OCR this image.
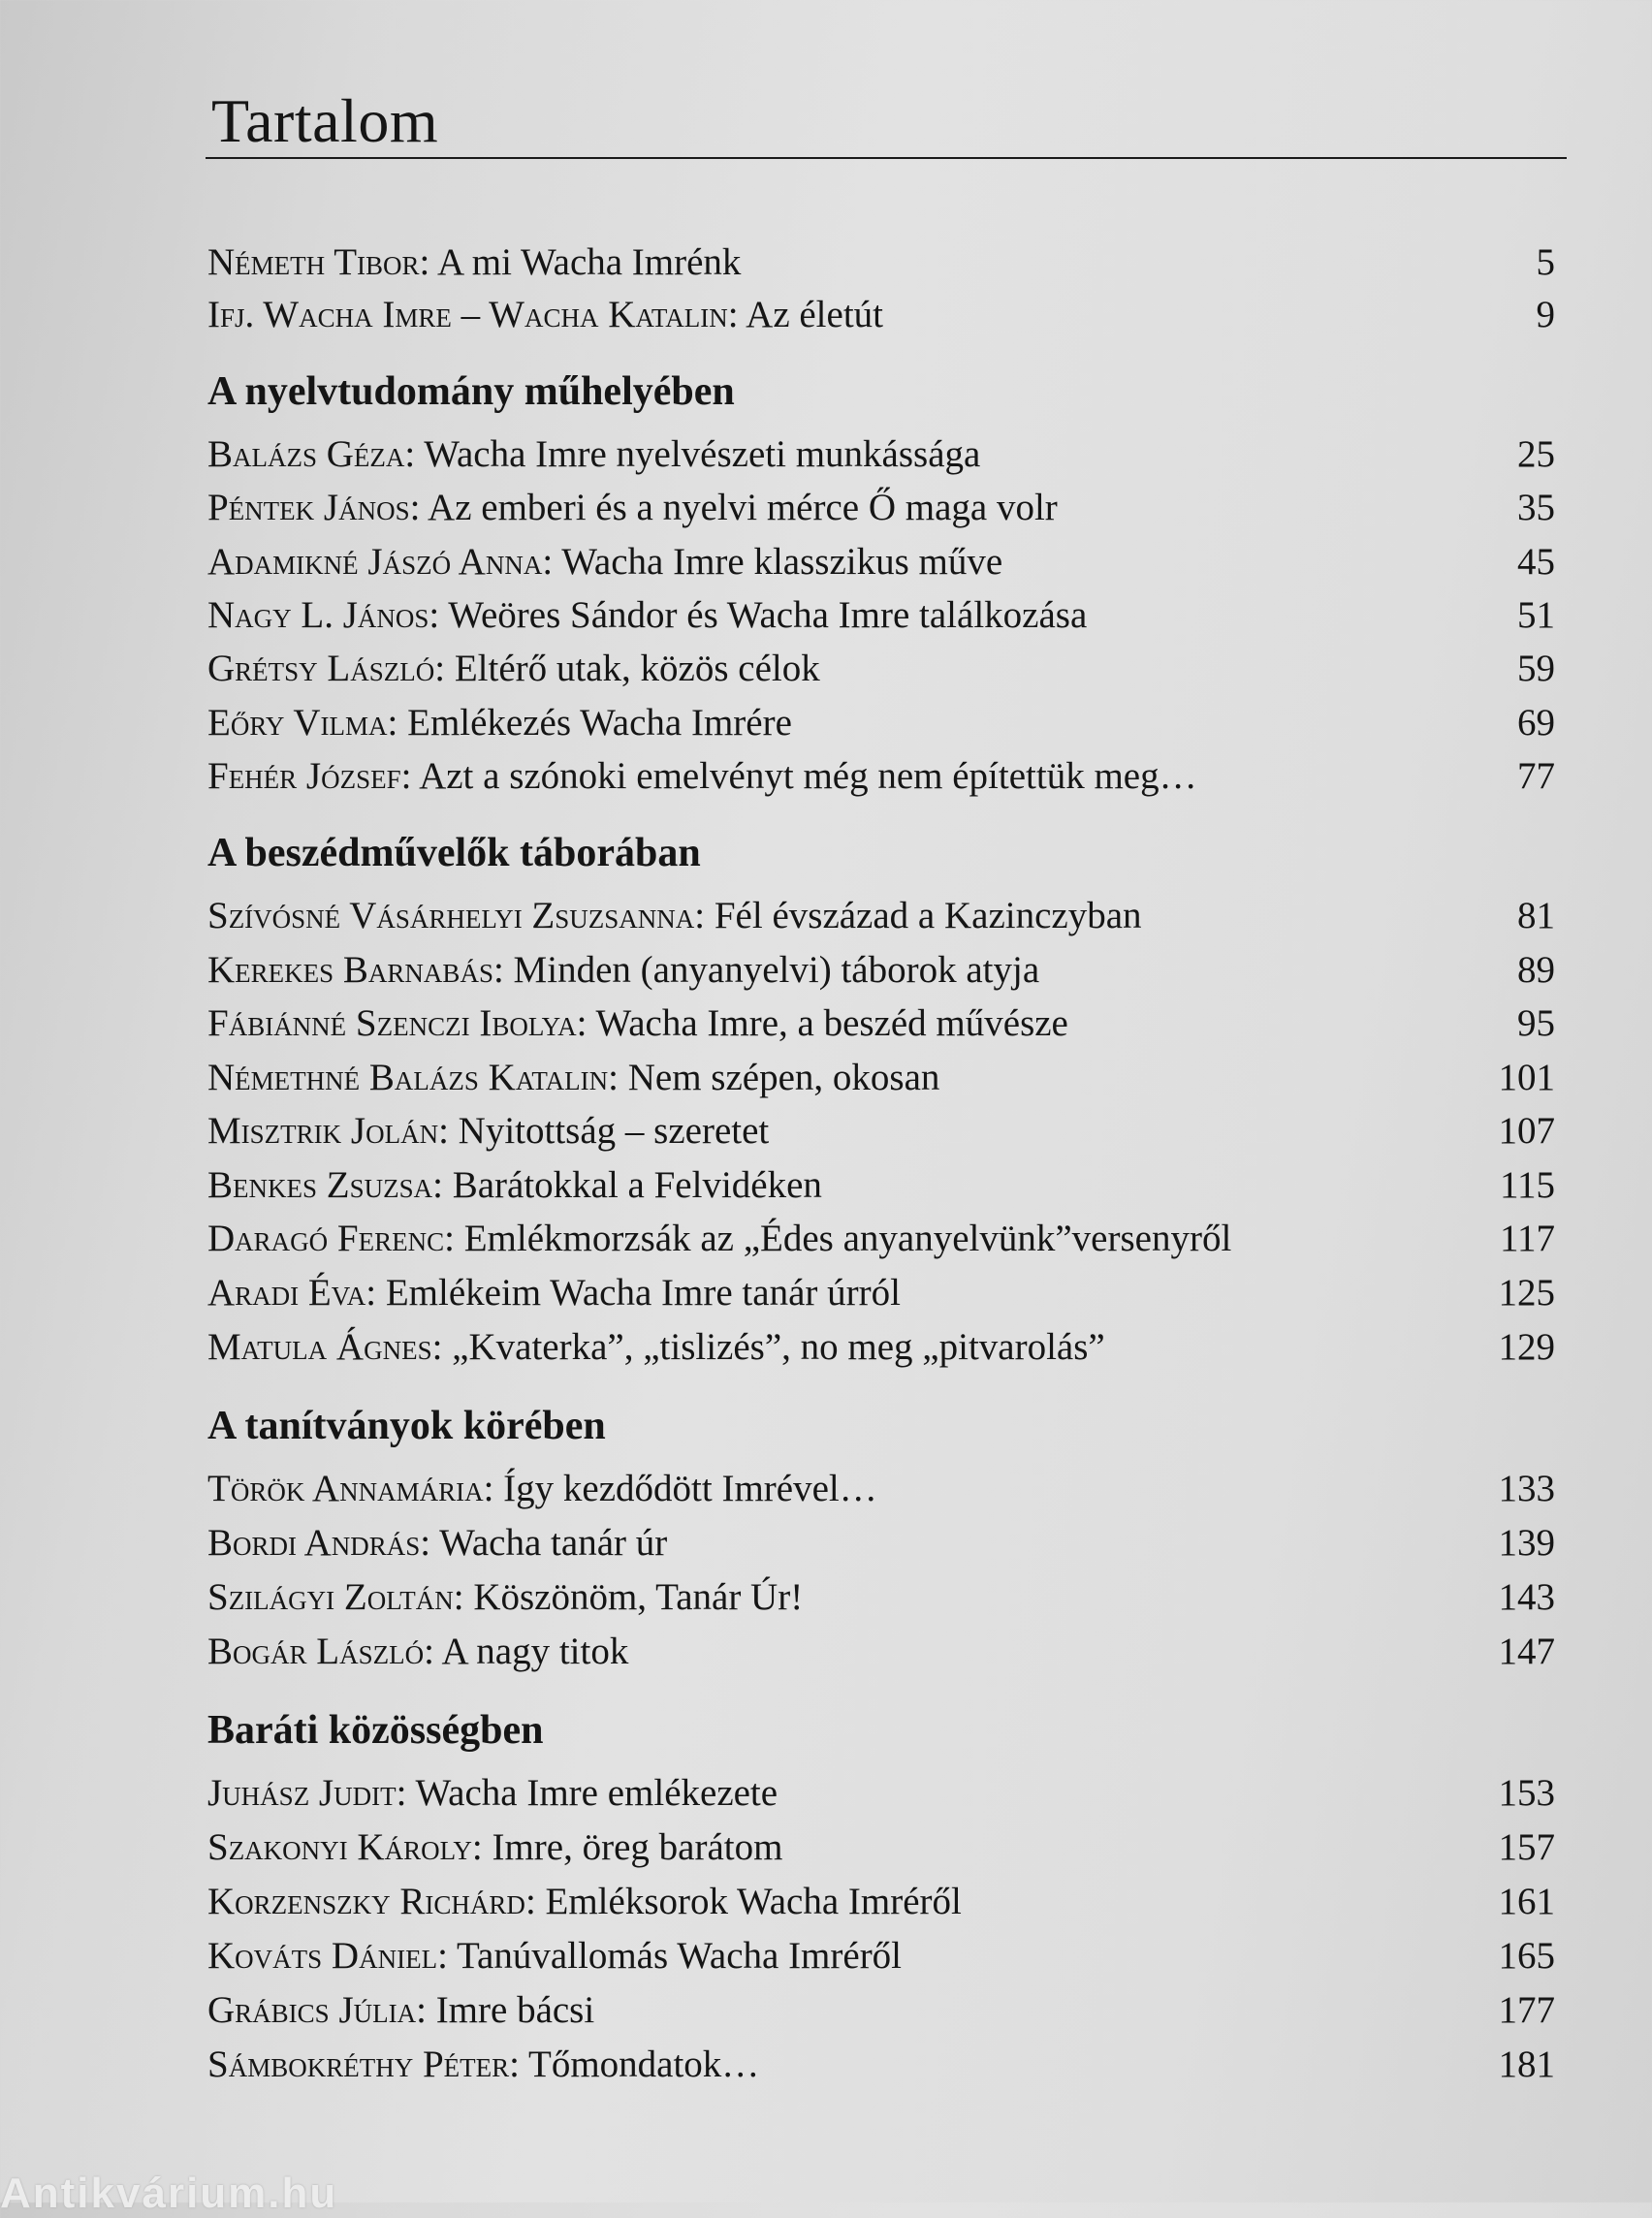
Tartalom
Németh Tibor: A mi Wacha Imrénk	5
Ifj. Wacha Imre – Wacha Katalin: Az életút	9
A nyelvtudomány műhelyében
Balázs Géza: Wacha Imre nyelvészeti munkássága	25
Péntek János: Az emberi és a nyelvi mérce Ő maga volr	35
Adamikné Jászó Anna: Wacha Imre klasszikus műve	45
Nagy L. János: Weöres Sándor és Wacha Imre találkozása	51
Grétsy László: Eltérő utak, közös célok	59
Eőry Vilma: Emlékezés Wacha Imrére	69
Fehér József: Azt a szónoki emelvényt még nem építettük meg…	77
A beszédművelők táborában
Szívósné Vásárhelyi Zsuzsanna: Fél évszázad a Kazinczyban	81
Kerekes Barnabás: Minden (anyanyelvi) táborok atyja	89
Fábiánné Szenczi Ibolya: Wacha Imre, a beszéd művésze	95
Némethné Balázs Katalin: Nem szépen, okosan	101
Misztrik Jolán: Nyitottság – szeretet	107
Benkes Zsuzsa: Barátokkal a Felvidéken	115
Daragó Ferenc: Emlékmorzsák az „Édes anyanyelvünk”versenyről	117
Aradi Éva: Emlékeim Wacha Imre tanár úrról	125
Matula Ágnes: „Kvaterka”, „tislizés”, no meg „pitvarolás”	129
A tanítványok körében
Török Annamária: Így kezdődött Imrével…	133
Bordi András: Wacha tanár úr	139
Szilágyi Zoltán: Köszönöm, Tanár Úr!	143
Bogár László: A nagy titok	147
Baráti közösségben
Juhász Judit: Wacha Imre emlékezete	153
Szakonyi Károly: Imre, öreg barátom	157
Korzenszky Richárd: Emléksorok Wacha Imréről	161
Kováts Dániel: Tanúvallomás Wacha Imréről	165
Grábics Júlia: Imre bácsi	177
Sámbokréthy Péter: Tőmondatok…	181
Antikvárium.hu
